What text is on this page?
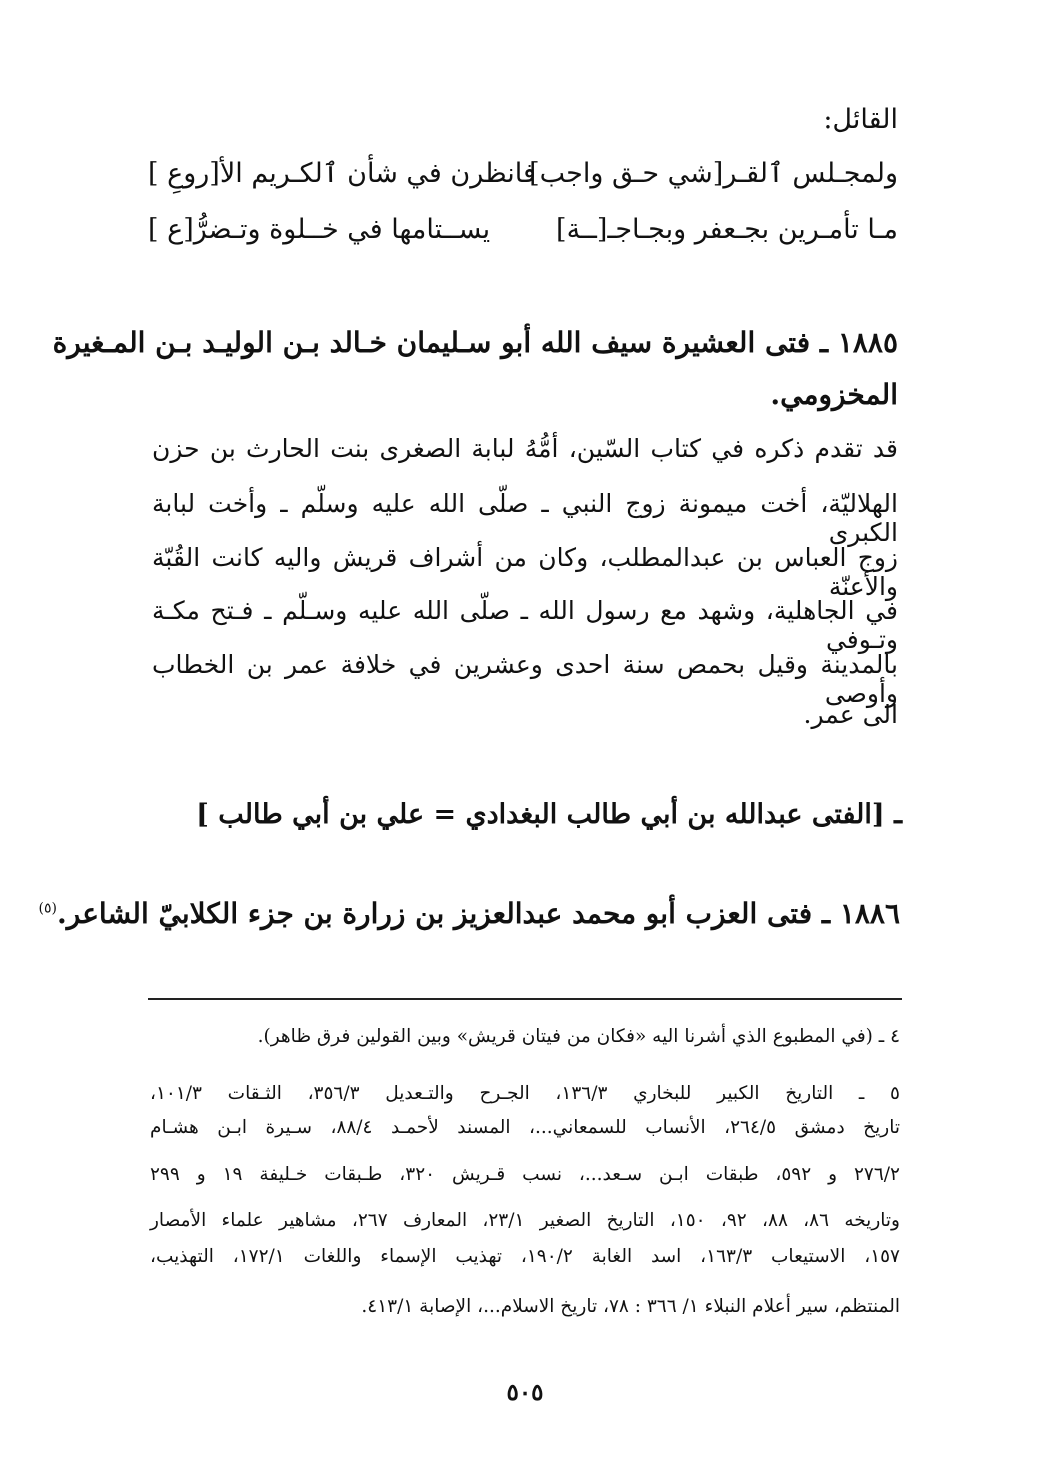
القائل:
ولمجـلس ٱلقـر[شي حـق واجب]
فانظرن في شأن ٱلكـريم الأ[روعِ ]
مـا تأمـرين بجـعفر وبجـاجـ[ــة]
يســتامها في خــلوة وتـضرُّ[ع ]
١٨٨٥ ـ فتى العشيرة سيف الله أبو سـليمان خـالد بـن الوليـد بـن المـغيرة
المخزومي.
قد تقدم ذكره في كتاب السّين، أمُّهُ لبابة الصغرى بنت الحارث بن حزن
الهلاليّة، أخت ميمونة زوج النبي ـ صلّى الله عليه وسلّم ـ وأخت لبابة الكبرى
زوج العباس بن عبدالمطلب، وكان من أشراف قريش واليه كانت القُبّة والأعنّة
في الجاهلية، وشهد مع رسول الله ـ صلّى الله عليه وسـلّم ـ فـتح مكـة وتـوفي
بالمدينة وقيل بحمص سنة احدى وعشرين في خلافة عمر بن الخطاب وأوصى
الى عمر.
ـ [الفتى عبدالله بن أبي طالب البغدادي = علي بن أبي طالب ]
١٨٨٦ ـ فتى العزب أبو محمد عبدالعزيز بن زرارة بن جزء الكلابيّ الشاعر.$^{(٥)}$
٤ ـ (في المطبوع الذي أشرنا اليه «فكان من فيتان قريش» وبين القولين فرق ظاهر).
٥ ـ التاريخ الكبير للبخاري ١٣٦/٣، الجـرح والتـعديل ٣٥٦/٣، الثـقات ١٠١/٣،
تاريخ دمشق ٢٦٤/٥، الأنساب للسمعاني...، المسند لأحمـد ٨٨/٤، سـيرة ابـن هشـام
٢٧٦/٢ و ٥٩٢، طبقات ابـن سـعد...، نسب قـريش ٣٢٠، طـبقات خـليفة ١٩ و ٢٩٩
وتاريخه ٨٦، ٨٨، ٩٢، ١٥٠، التاريخ الصغير ٢٣/١، المعارف ٢٦٧، مشاهير علماء الأمصار
١٥٧، الاستيعاب ١٦٣/٣، اسد الغابة ١٩٠/٢، تهذيب الإسماء واللغات ١٧٢/١، التهذيب،
المنتظم، سير أعلام النبلاء ١/ ٣٦٦ : ٧٨، تاريخ الاسلام...، الإصابة ٤١٣/١.
٥٠٥
